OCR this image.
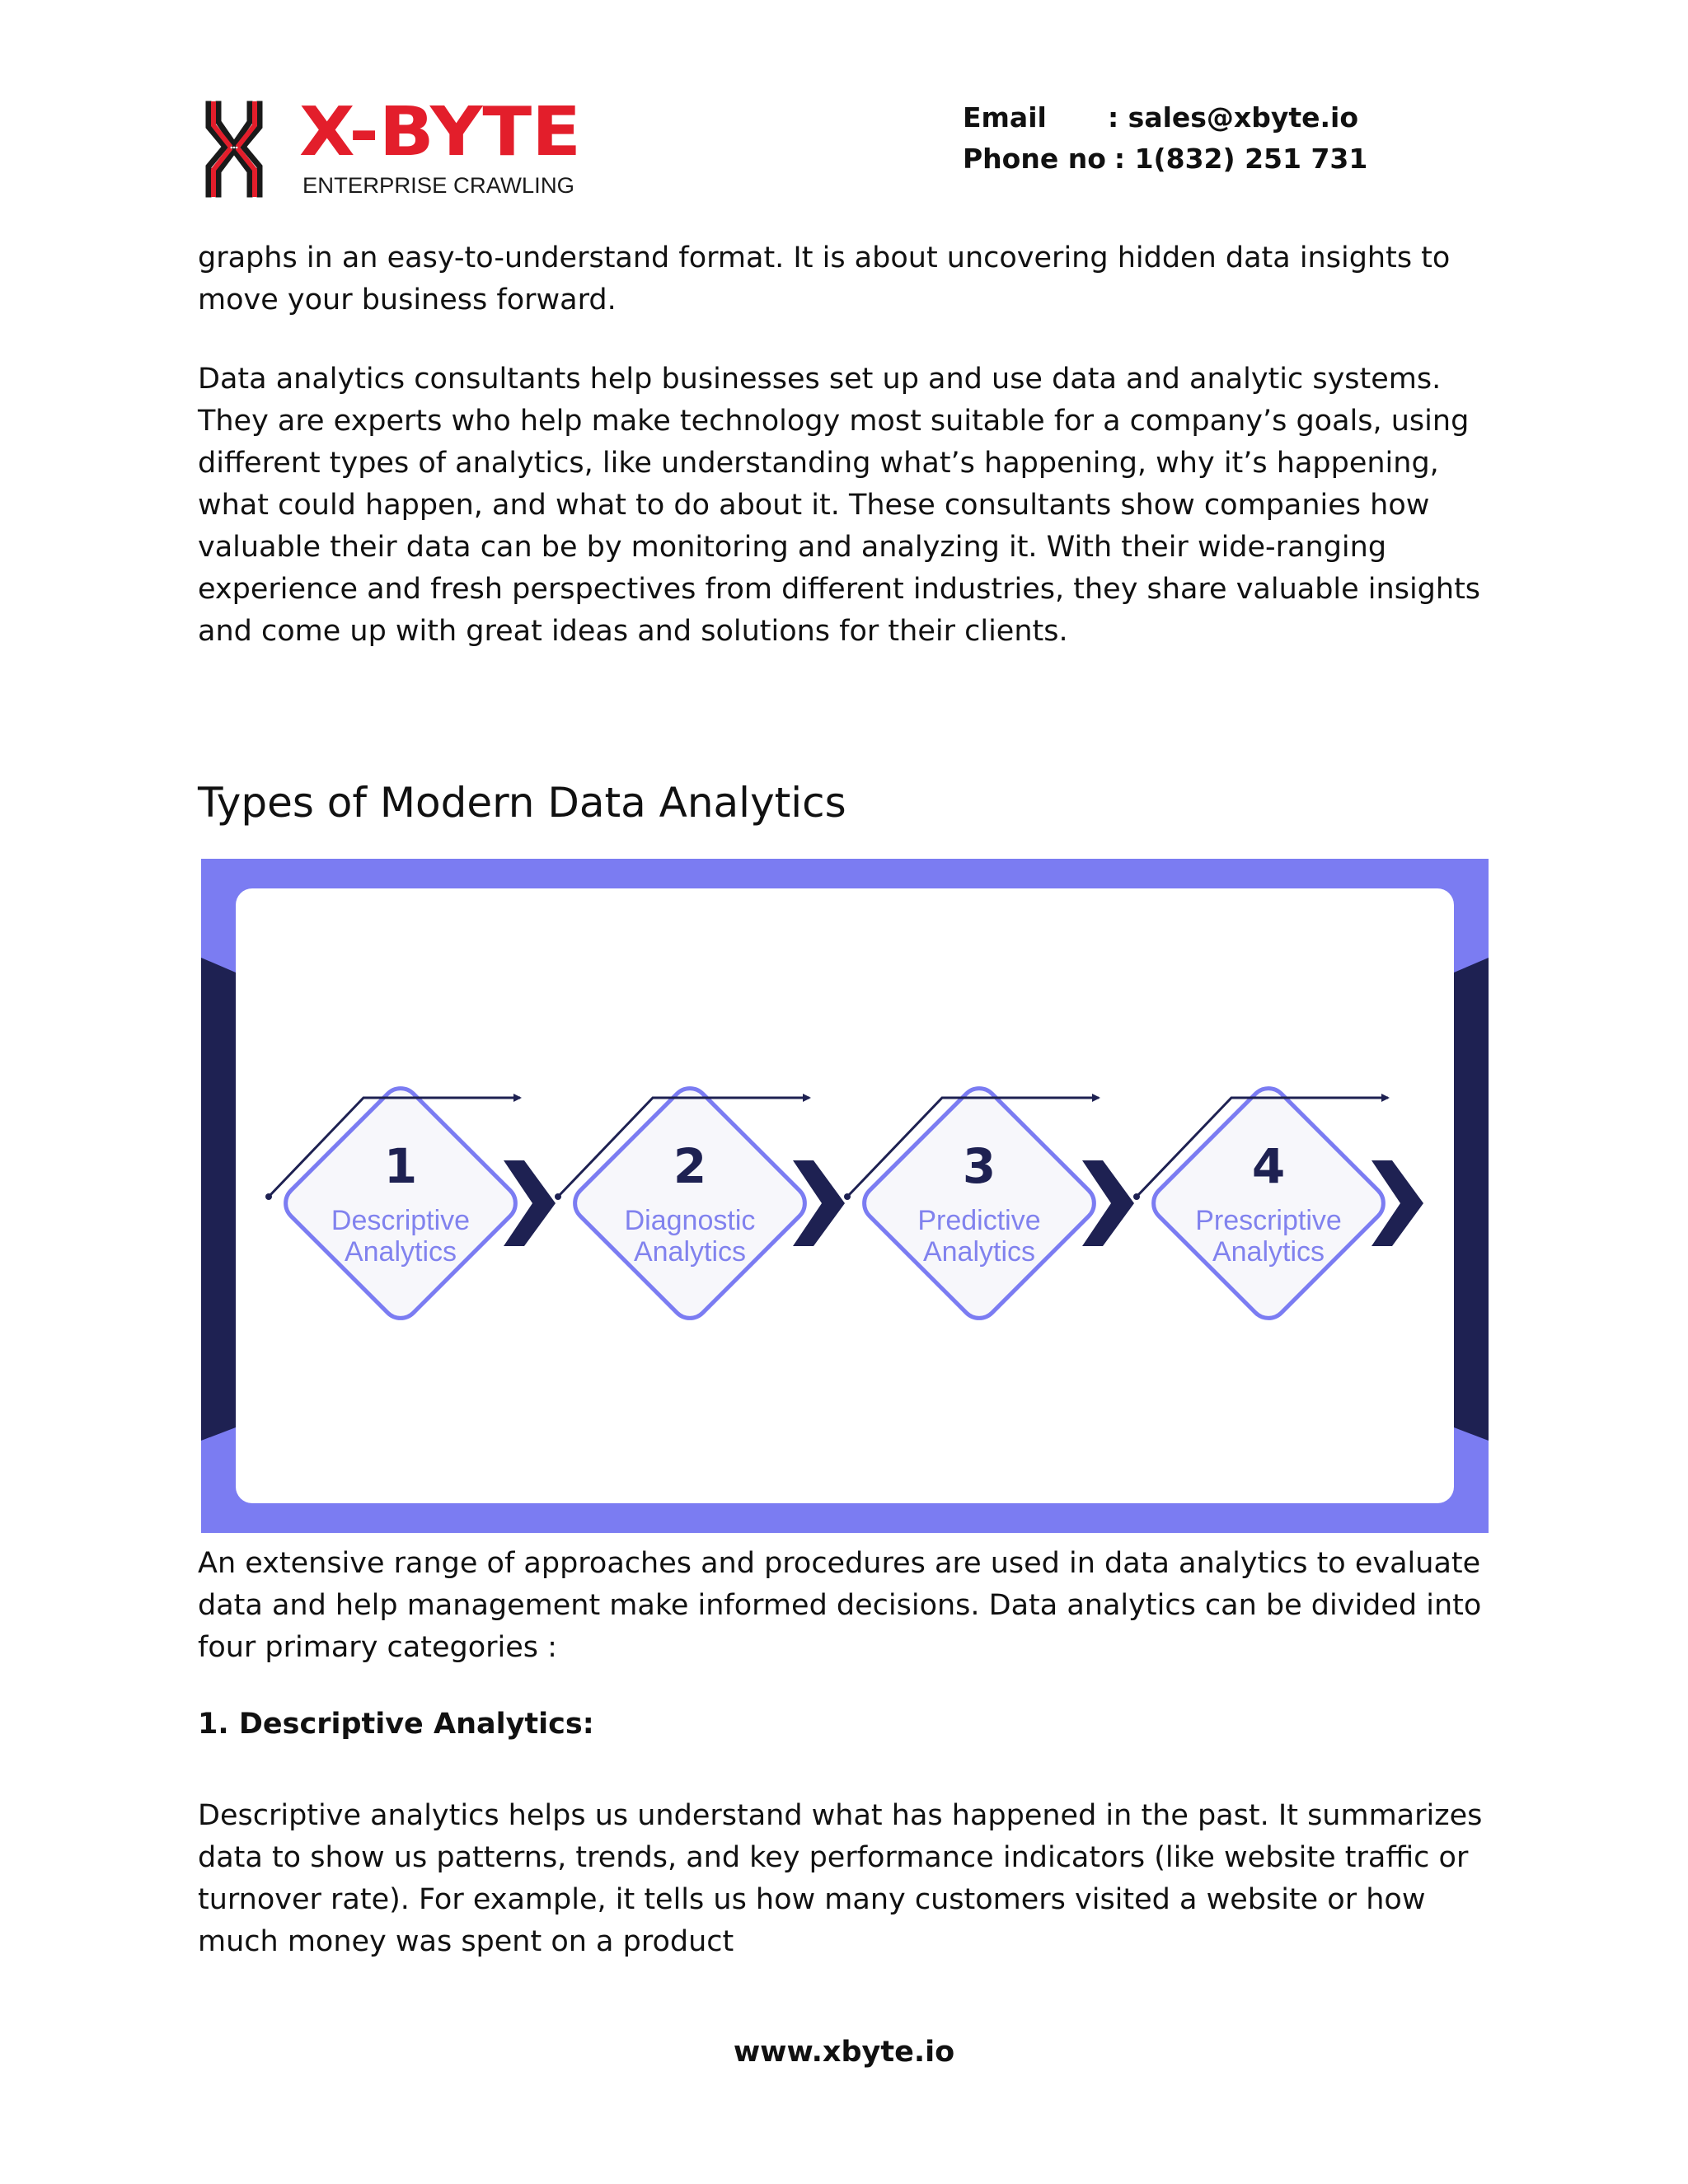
X-BYTE
ENTERPRISE CRAWLING
Email : sales@xbyte.io
Phone no : 1(832) 251 731

graphs in an easy-to-understand format. It is about uncovering hidden data insights to move your business forward.

Data analytics consultants help businesses set up and use data and analytic systems. They are experts who help make technology most suitable for a company’s goals, using different types of analytics, like understanding what’s happening, why it’s happening, what could happen, and what to do about it. These consultants show companies how valuable their data can be by monitoring and analyzing it. With their wide-ranging experience and fresh perspectives from different industries, they share valuable insights and come up with great ideas and solutions for their clients.

Types of Modern Data Analytics
1
Descriptive
Analytics
2
Diagnostic
Analytics
3
Predictive
Analytics
4
Prescriptive
Analytics

An extensive range of approaches and procedures are used in data analytics to evaluate data and help management make informed decisions. Data analytics can be divided into four primary categories :

1. Descriptive Analytics:

Descriptive analytics helps us understand what has happened in the past. It summarizes data to show us patterns, trends, and key performance indicators (like website traffic or turnover rate). For example, it tells us how many customers visited a website or how much money was spent on a product

www.xbyte.io
